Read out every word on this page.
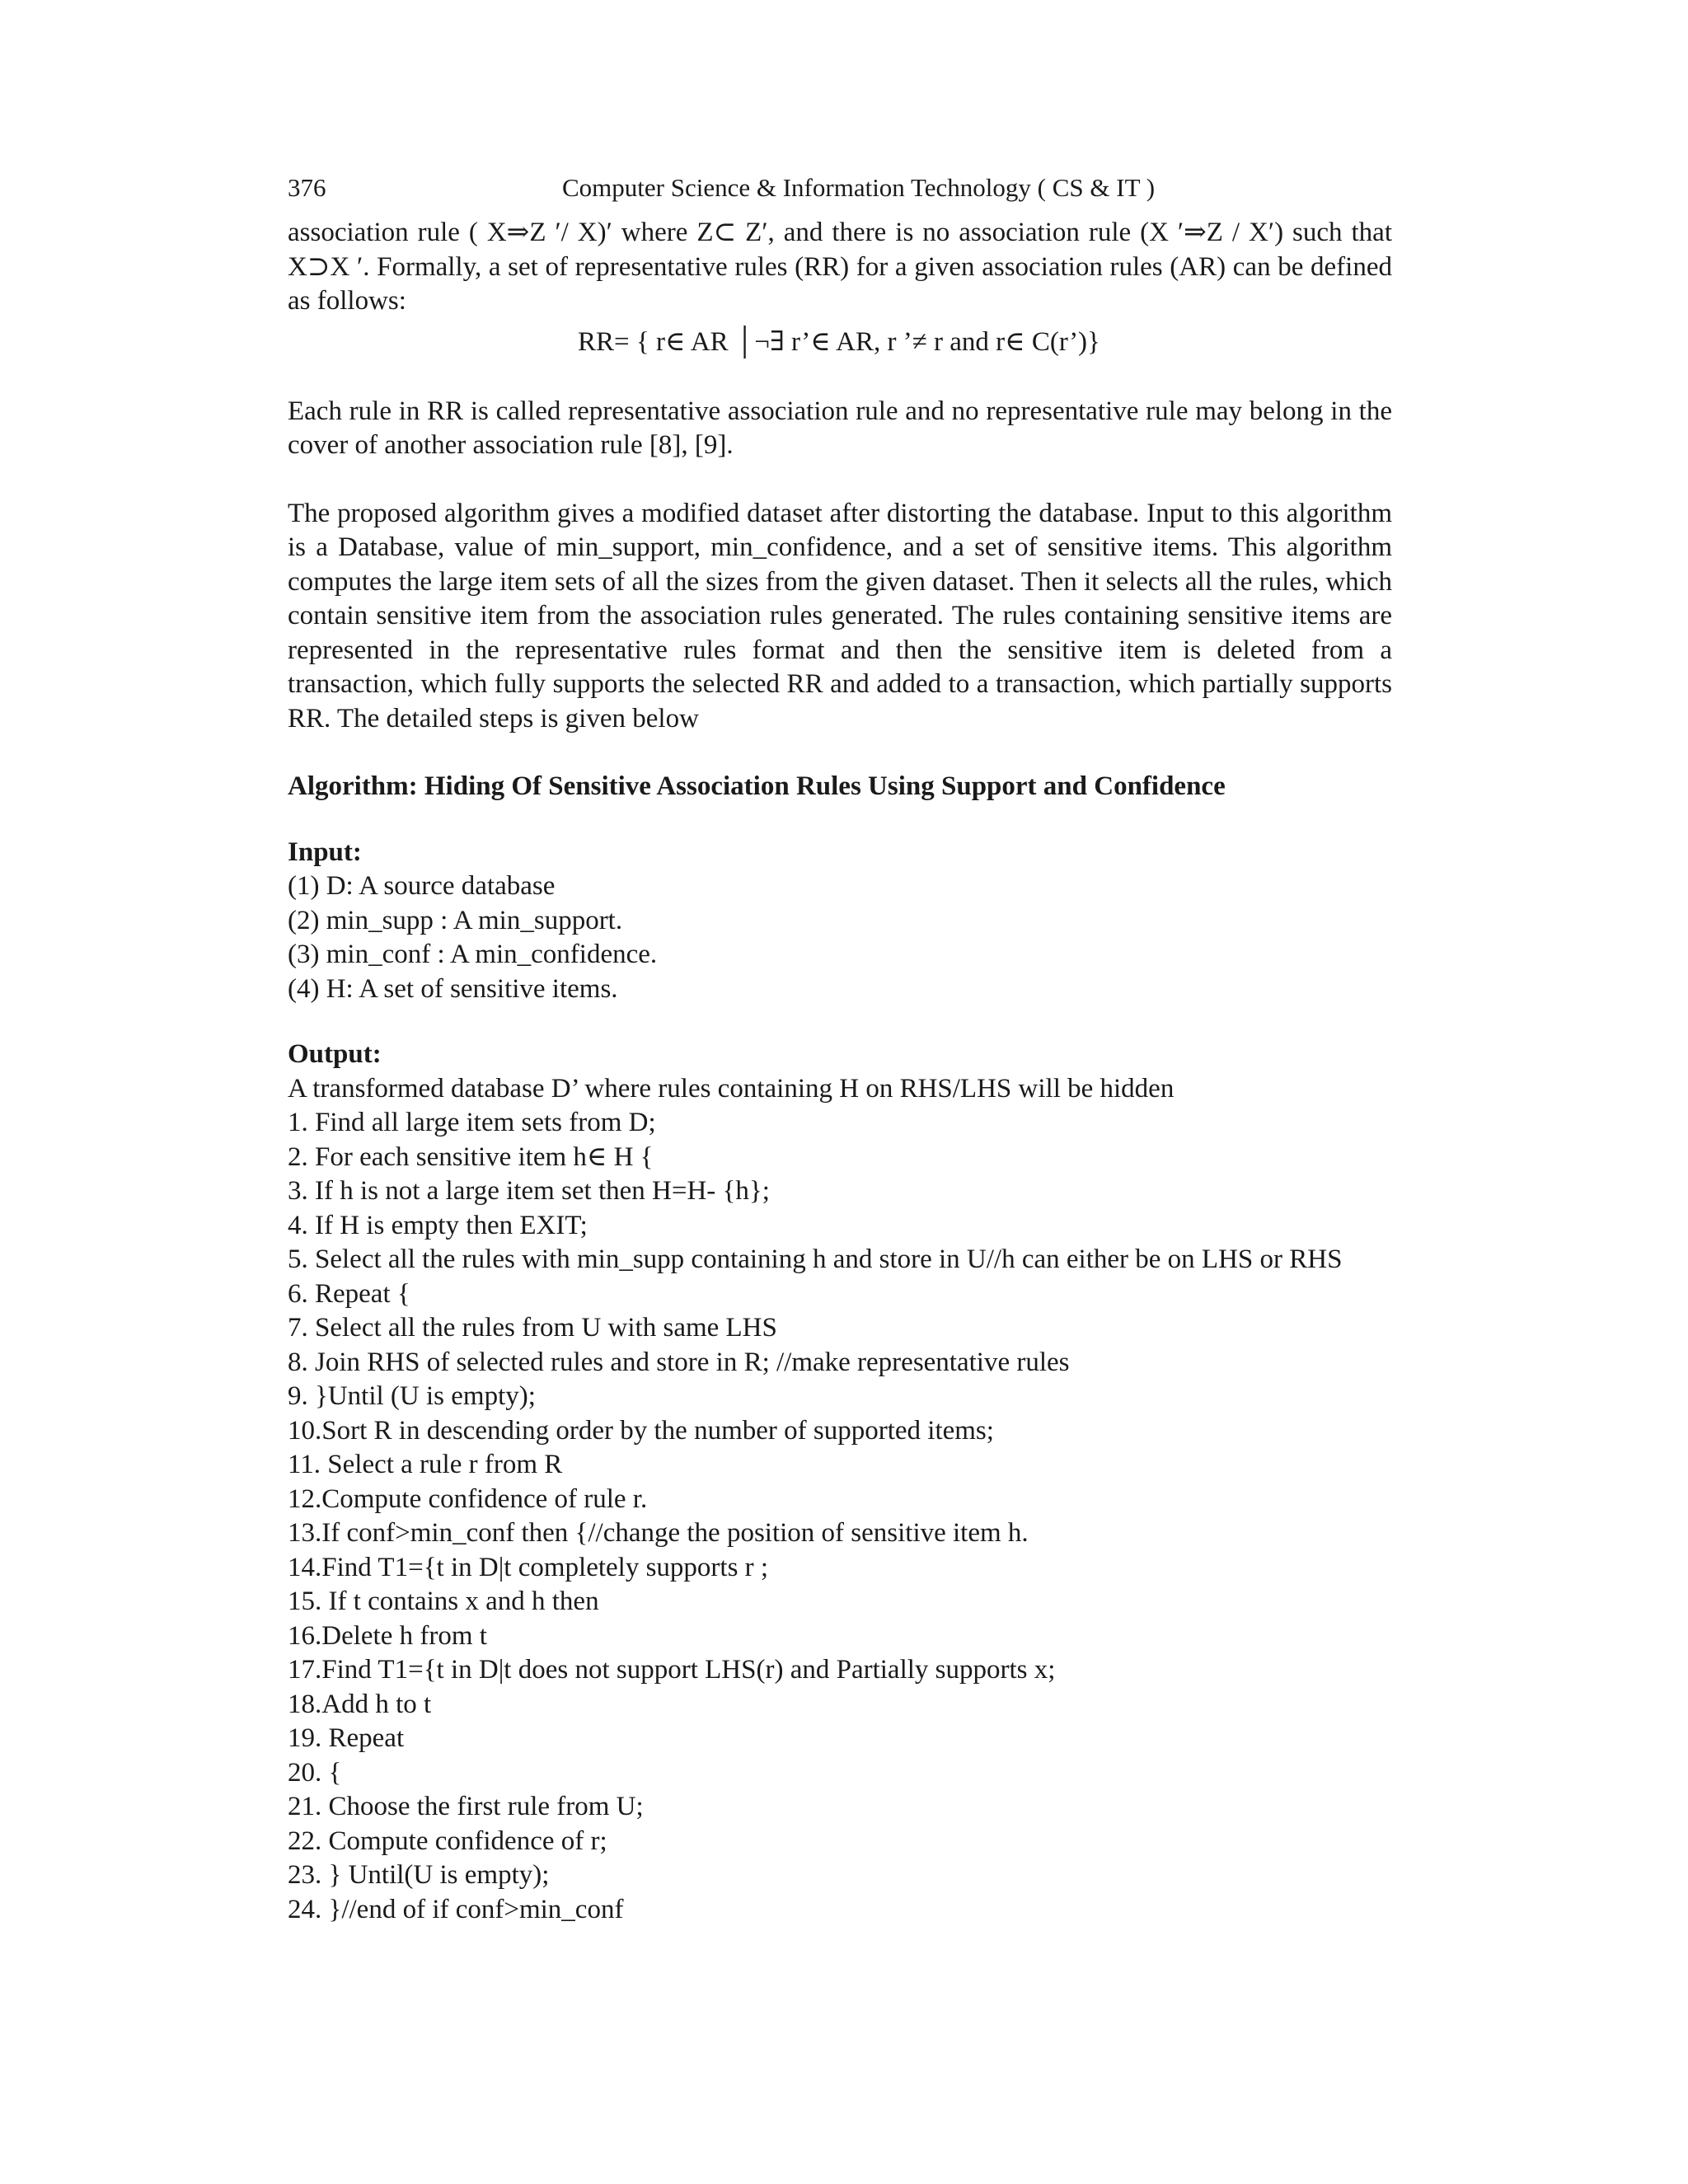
376	Computer Science & Information Technology ( CS & IT )

association rule ( X⇒Z ′/ X)′ where Z⊂ Z′, and there is no association rule (X ′⇒Z / X′) such that X⊃X ′. Formally, a set of representative rules (RR) for a given association rules (AR) can be defined as follows:

RR= { r∈ AR │¬∃ r’∈ AR, r ’≠ r and r∈ C(r’)}

Each rule in RR is called representative association rule and no representative rule may belong in the cover of another association rule [8], [9].

The proposed algorithm gives a modified dataset after distorting the database. Input to this algorithm is a Database, value of min_support, min_confidence, and a set of sensitive items. This algorithm computes the large item sets of all the sizes from the given dataset. Then it selects all the rules, which contain sensitive item from the association rules generated. The rules containing sensitive items are represented in the representative rules format and then the sensitive item is deleted from a transaction, which fully supports the selected RR and added to a transaction, which partially supports RR. The detailed steps is given below

Algorithm: Hiding Of Sensitive Association Rules Using Support and Confidence
Input:
(1) D: A source database
(2) min_supp : A min_support.
(3) min_conf : A min_confidence.
(4) H: A set of sensitive items.
Output:
A transformed database D’ where rules containing H on RHS/LHS will be hidden
1. Find all large item sets from D;
2. For each sensitive item h∈ H {
3. If h is not a large item set then H=H- {h};
4. If H is empty then EXIT;
5. Select all the rules with min_supp containing h and store in U//h can either be on LHS or RHS
6. Repeat {
7. Select all the rules from U with same LHS
8. Join RHS of selected rules and store in R; //make representative rules
9. }Until (U is empty);
10.Sort R in descending order by the number of supported items;
11. Select a rule r from R
12.Compute confidence of rule r.
13.If conf>min_conf then {//change the position of sensitive item h.
14.Find T1={t in D|t completely supports r ;
15. If t contains x and h then
16.Delete h from t
17.Find T1={t in D|t does not support LHS(r) and Partially supports x;
18.Add h to t
19. Repeat
20. {
21. Choose the first rule from U;
22. Compute confidence of r;
23. } Until(U is empty);
24. }//end of if conf>min_conf
